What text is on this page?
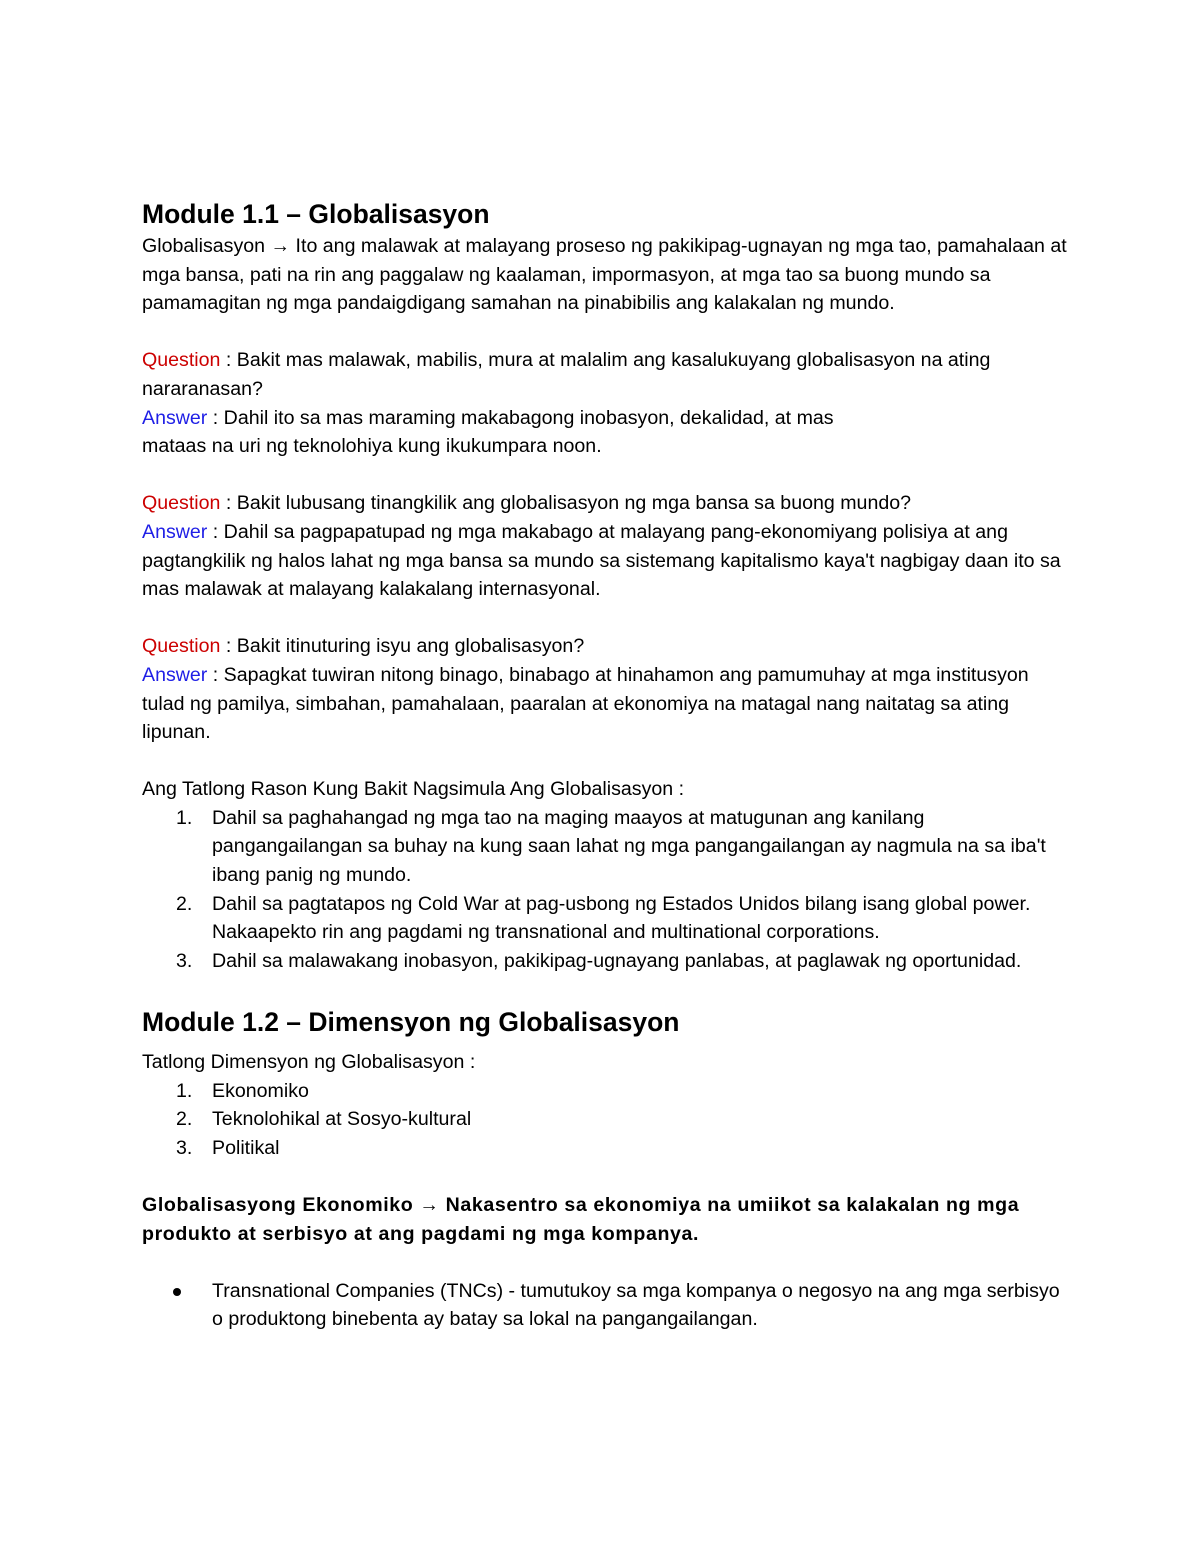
Module 1.1 – Globalisasyon

Globalisasyon → Ito ang malawak at malayang proseso ng pakikipag-ugnayan ng mga tao, pamahalaan at mga bansa, pati na rin ang paggalaw ng kaalaman, impormasyon, at mga tao sa buong mundo sa pamamagitan ng mga pandaigdigang samahan na pinabibilis ang kalakalan ng mundo.

Question : Bakit mas malawak, mabilis, mura at malalim ang kasalukuyang globalisasyon na ating nararanasan?

Answer : Dahil ito sa mas maraming makabagong inobasyon, dekalidad, at mas

mataas na uri ng teknolohiya kung ikukumpara noon.

Question : Bakit lubusang tinangkilik ang globalisasyon ng mga bansa sa buong mundo?

Answer : Dahil sa pagpapatupad ng mga makabago at malayang pang-ekonomiyang polisiya at ang pagtangkilik ng halos lahat ng mga bansa sa mundo sa sistemang kapitalismo kaya't nagbigay daan ito sa mas malawak at malayang kalakalang internasyonal.

Question : Bakit itinuturing isyu ang globalisasyon?

Answer : Sapagkat tuwiran nitong binago, binabago at hinahamon ang pamumuhay at mga institusyon tulad ng pamilya, simbahan, pamahalaan, paaralan at ekonomiya na matagal nang naitatag sa ating lipunan.

Ang Tatlong Rason Kung Bakit Nagsimula Ang Globalisasyon :

1. Dahil sa paghahangad ng mga tao na maging maayos at matugunan ang kanilang pangangailangan sa buhay na kung saan lahat ng mga pangangailangan ay nagmula na sa iba't ibang panig ng mundo.
2. Dahil sa pagtatapos ng Cold War at pag-usbong ng Estados Unidos bilang isang global power. Nakaapekto rin ang pagdami ng transnational and multinational corporations.
3. Dahil sa malawakang inobasyon, pakikipag-ugnayang panlabas, at paglawak ng oportunidad.
Module 1.2 – Dimensyon ng Globalisasyon

Tatlong Dimensyon ng Globalisasyon :

1. Ekonomiko
2. Teknolohikal at Sosyo-kultural
3. Politikal

Globalisasyong Ekonomiko → Nakasentro sa ekonomiya na umiikot sa kalakalan ng mga produkto at serbisyo at ang pagdami ng mga kompanya.

Transnational Companies (TNCs) - tumutukoy sa mga kompanya o negosyo na ang mga serbisyo o produktong binebenta ay batay sa lokal na pangangailangan.
